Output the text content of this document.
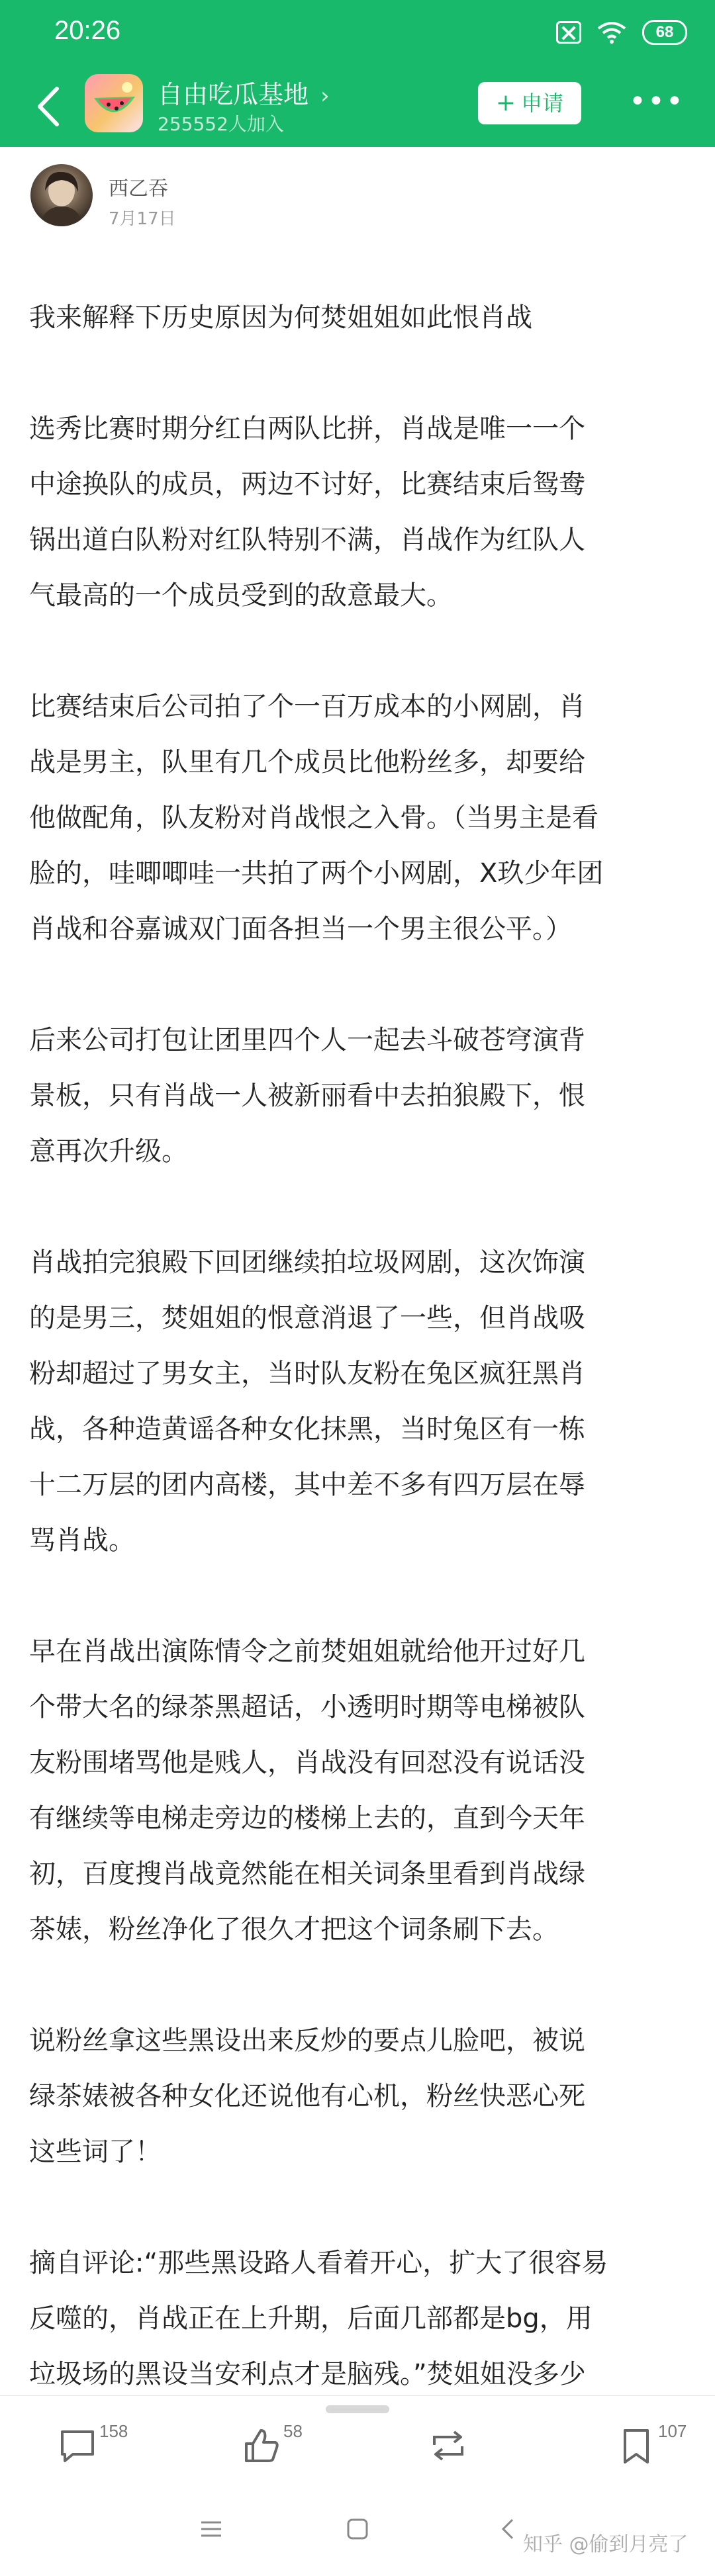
20:26	68
自由吃瓜基地 ›
255552人加入
+ 申请	•••
西乙吞
7月17日
我来解释下历史原因为何焚姐姐如此恨肖战
选秀比赛时期分红白两队比拼，肖战是唯一一个
中途换队的成员，两边不讨好，比赛结束后鸳鸯
锅出道白队粉对红队特别不满，肖战作为红队人
气最高的一个成员受到的敌意最大。
比赛结束后公司拍了个一百万成本的小网剧，肖
战是男主，队里有几个成员比他粉丝多，却要给
他做配角，队友粉对肖战恨之入骨。（当男主是看
脸的，哇唧唧哇一共拍了两个小网剧，X玖少年团
肖战和谷嘉诚双门面各担当一个男主很公平。）
后来公司打包让团里四个人一起去斗破苍穹演背
景板，只有肖战一人被新丽看中去拍狼殿下，恨
意再次升级。
肖战拍完狼殿下回团继续拍垃圾网剧，这次饰演
的是男三，焚姐姐的恨意消退了一些，但肖战吸
粉却超过了男女主，当时队友粉在兔区疯狂黑肖
战，各种造黄谣各种女化抹黑，当时兔区有一栋
十二万层的团内高楼，其中差不多有四万层在辱
骂肖战。
早在肖战出演陈情令之前焚姐姐就给他开过好几
个带大名的绿茶黑超话，小透明时期等电梯被队
友粉围堵骂他是贱人，肖战没有回怼没有说话没
有继续等电梯走旁边的楼梯上去的，直到今天年
初，百度搜肖战竟然能在相关词条里看到肖战绿
茶婊，粉丝净化了很久才把这个词条刷下去。
说粉丝拿这些黑设出来反炒的要点儿脸吧，被说
绿茶婊被各种女化还说他有心机，粉丝快恶心死
这些词了！
摘自评论:“那些黑设路人看着开心，扩大了很容易
反噬的，肖战正在上升期，后面几部都是bg，用
垃圾场的黑设当安利点才是脑残。”焚姐姐没多少
158	58	107
知乎 @偷到月亮了
